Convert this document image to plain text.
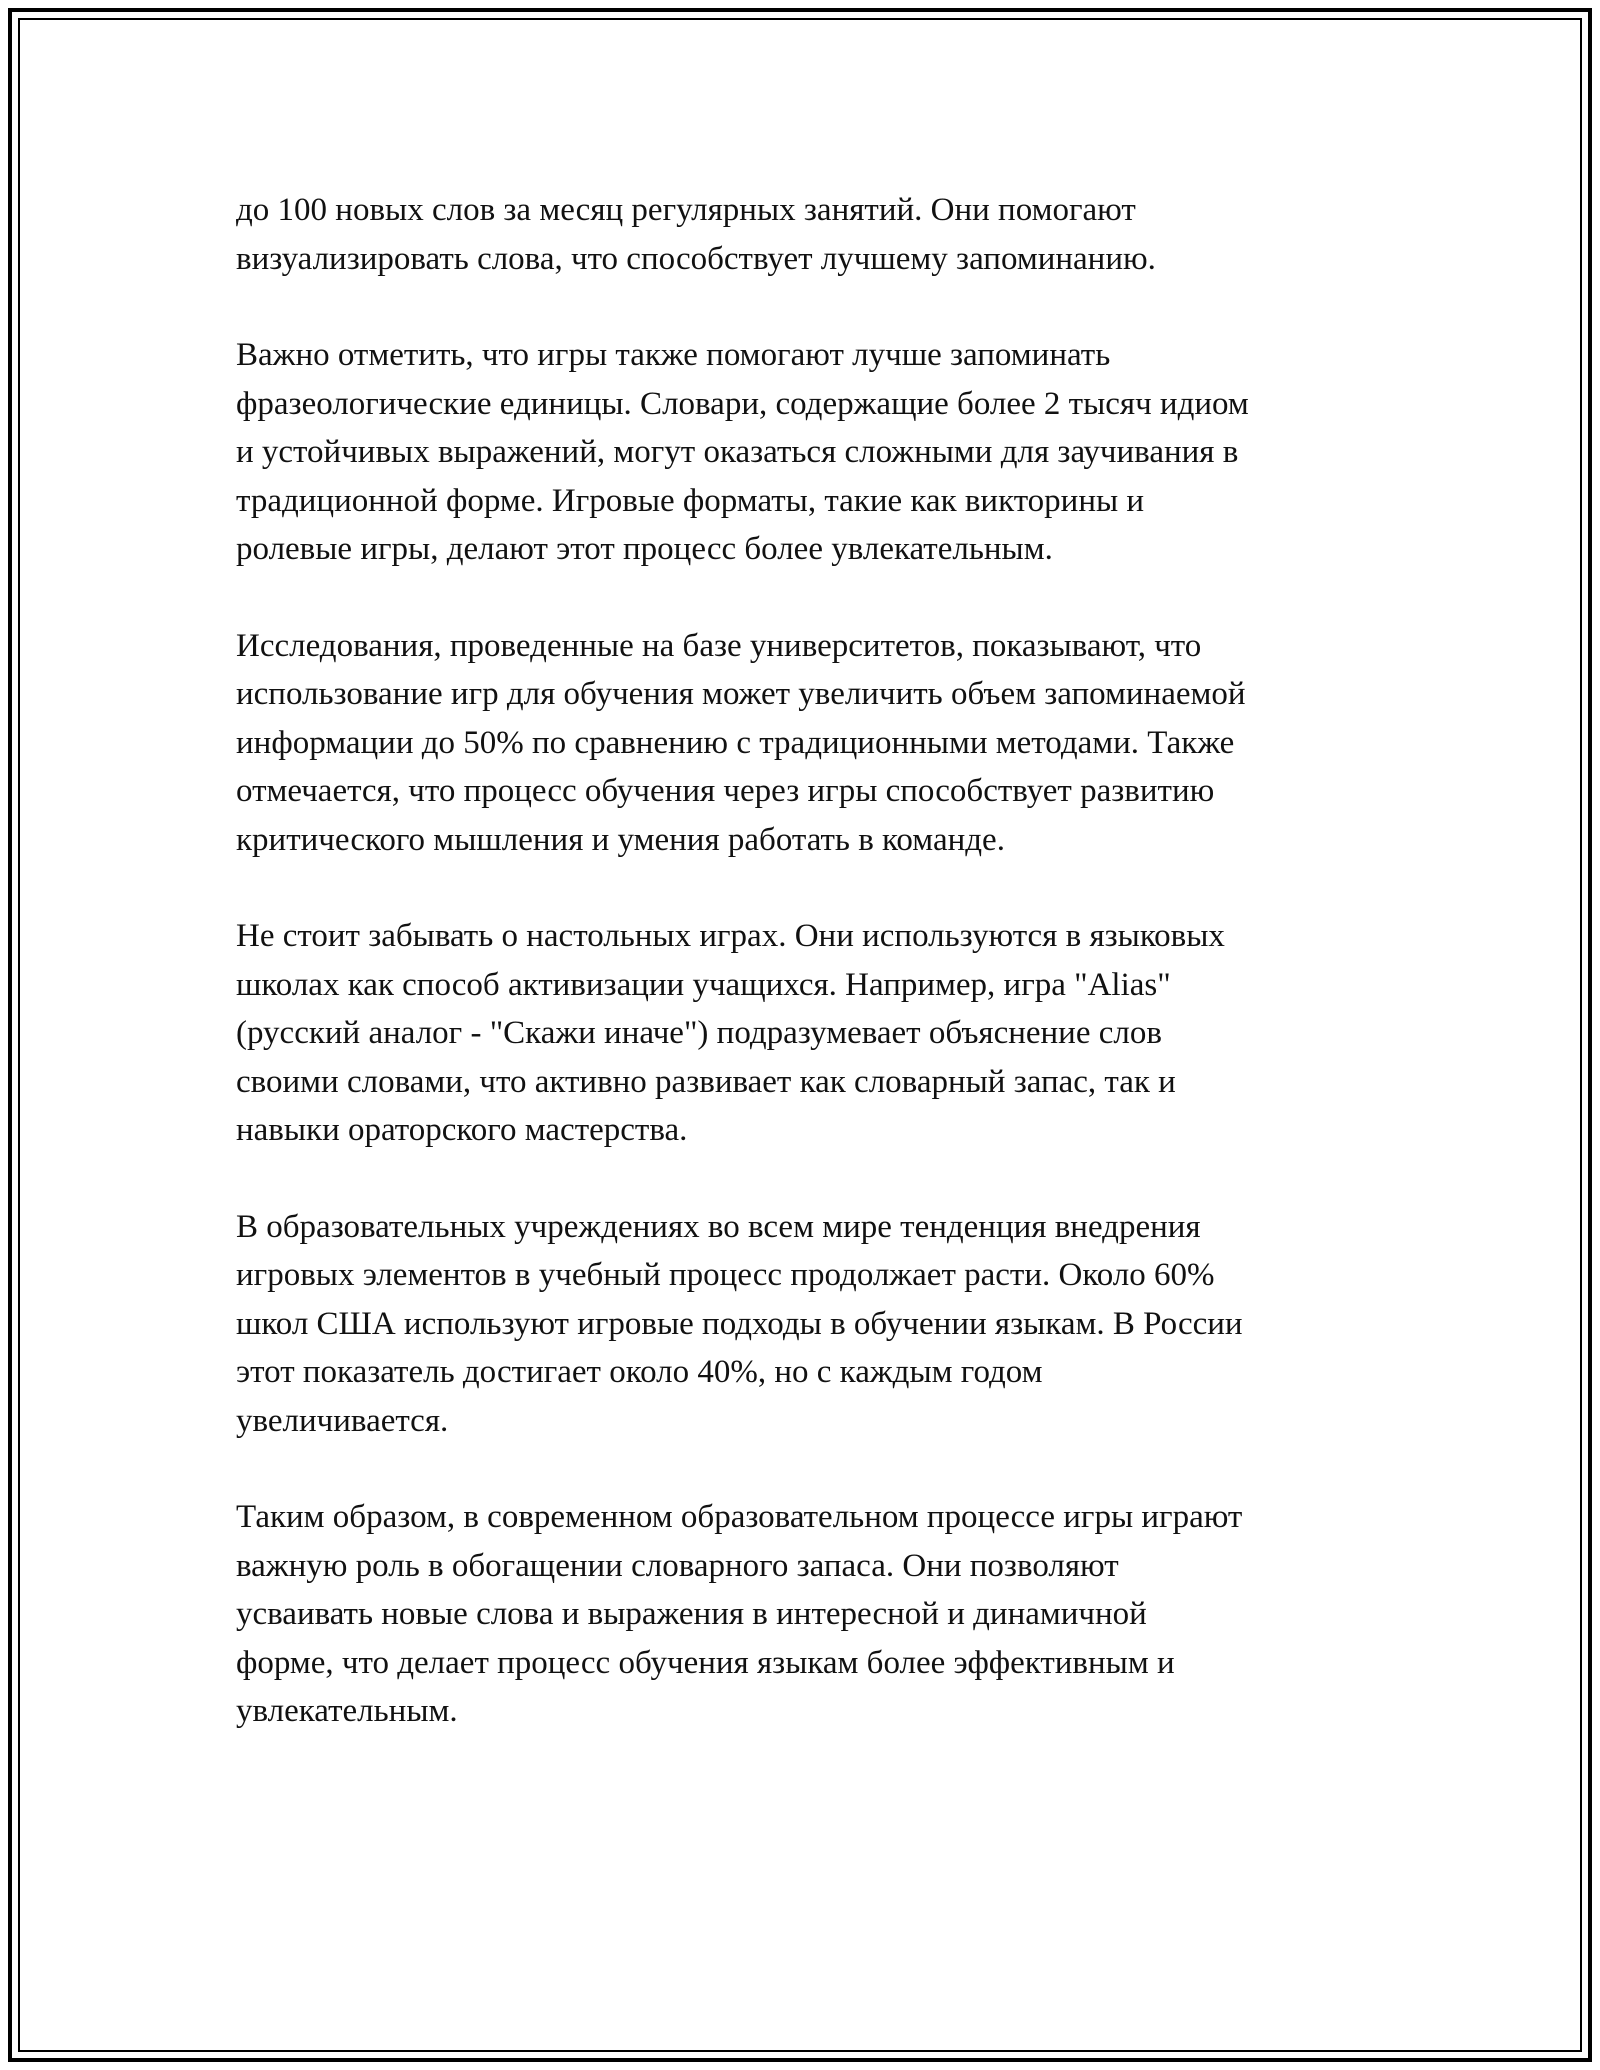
до 100 новых слов за месяц регулярных занятий. Они помогают
визуализировать слова, что способствует лучшему запоминанию.

Важно отметить, что игры также помогают лучше запоминать
фразеологические единицы. Словари, содержащие более 2 тысяч идиом
и устойчивых выражений, могут оказаться сложными для заучивания в
традиционной форме. Игровые форматы, такие как викторины и
ролевые игры, делают этот процесс более увлекательным.

Исследования, проведенные на базе университетов, показывают, что
использование игр для обучения может увеличить объем запоминаемой
информации до 50% по сравнению с традиционными методами. Также
отмечается, что процесс обучения через игры способствует развитию
критического мышления и умения работать в команде.

Не стоит забывать о настольных играх. Они используются в языковых
школах как способ активизации учащихся. Например, игра "Alias"
(русский аналог - "Скажи иначе") подразумевает объяснение слов
своими словами, что активно развивает как словарный запас, так и
навыки ораторского мастерства.

В образовательных учреждениях во всем мире тенденция внедрения
игровых элементов в учебный процесс продолжает расти. Около 60%
школ США используют игровые подходы в обучении языкам. В России
этот показатель достигает около 40%, но с каждым годом
увеличивается.

Таким образом, в современном образовательном процессе игры играют
важную роль в обогащении словарного запаса. Они позволяют
усваивать новые слова и выражения в интересной и динамичной
форме, что делает процесс обучения языкам более эффективным и
увлекательным.
